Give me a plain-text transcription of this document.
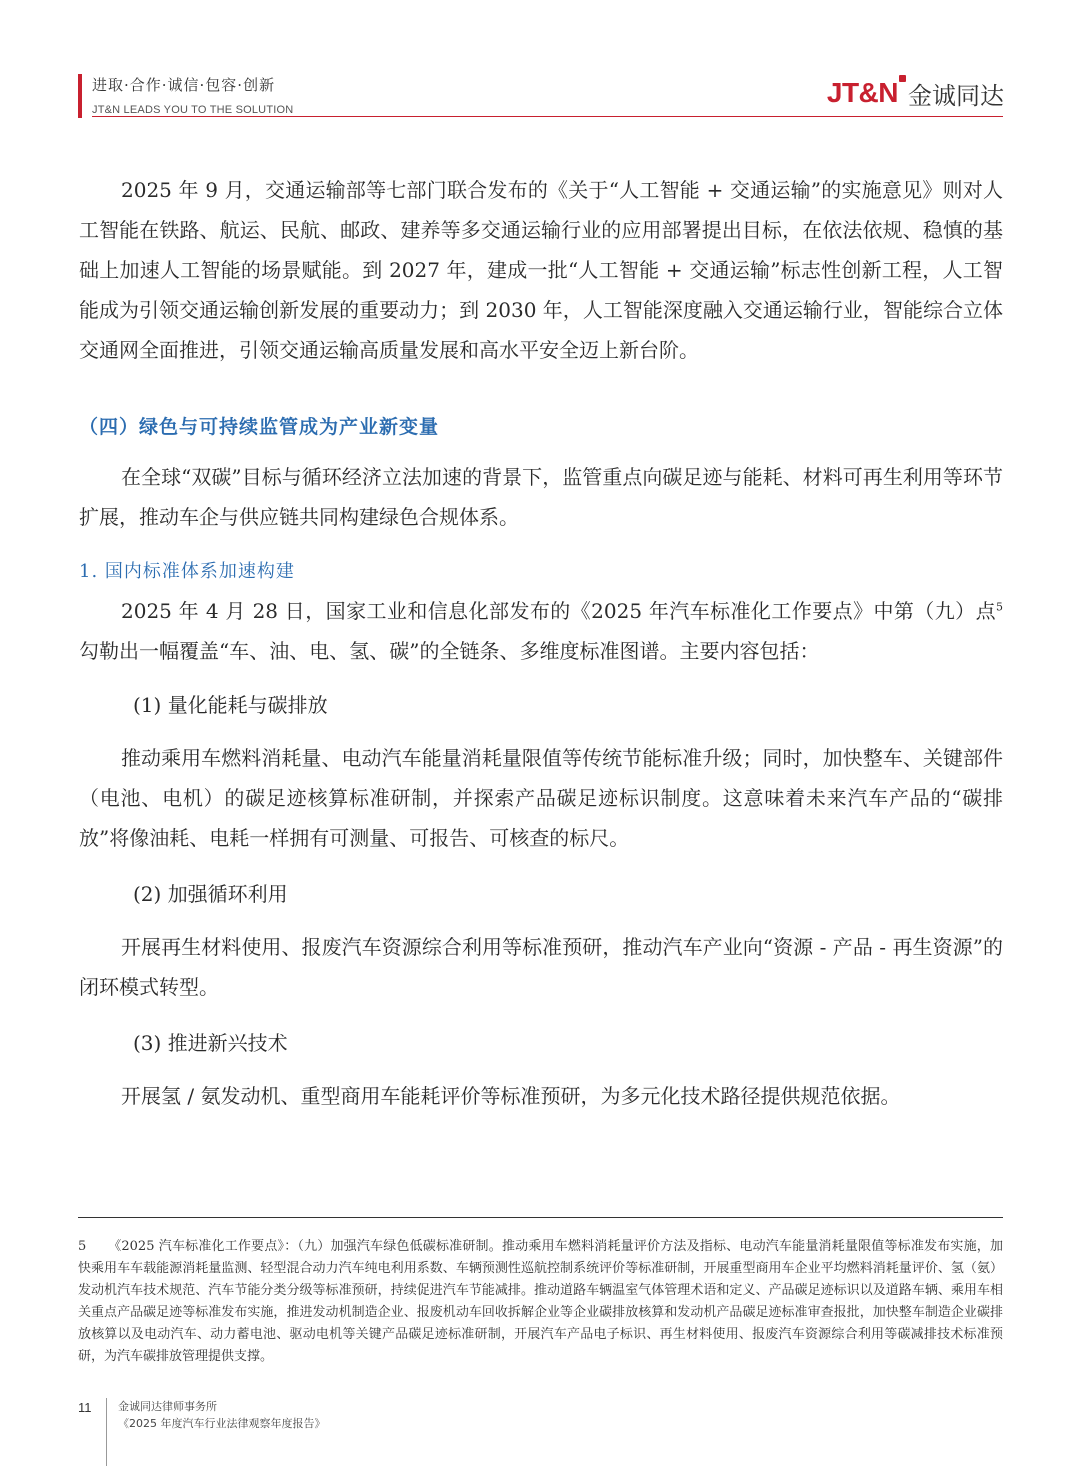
进取·合作·诚信·包容·创新
JT&N LEADS YOU TO THE SOLUTION
JT&N 金诚同达

2025 年 9 月，交通运输部等七部门联合发布的《关于“人工智能 + 交通运输”的实施意见》则对人工智能在铁路、航运、民航、邮政、建养等多交通运输行业的应用部署提出目标，在依法依规、稳慎的基础上加速人工智能的场景赋能。到 2027 年，建成一批“人工智能 + 交通运输”标志性创新工程，人工智能成为引领交通运输创新发展的重要动力；到 2030 年，人工智能深度融入交通运输行业，智能综合立体交通网全面推进，引领交通运输高质量发展和高水平安全迈上新台阶。

（四）绿色与可持续监管成为产业新变量

在全球“双碳”目标与循环经济立法加速的背景下，监管重点向碳足迹与能耗、材料可再生利用等环节扩展，推动车企与供应链共同构建绿色合规体系。

1. 国内标准体系加速构建

2025 年 4 月 28 日，国家工业和信息化部发布的《2025 年汽车标准化工作要点》中第（九）点$^5$勾勒出一幅覆盖“车、油、电、氢、碳”的全链条、多维度标准图谱。主要内容包括：

(1) 量化能耗与碳排放

推动乘用车燃料消耗量、电动汽车能量消耗量限值等传统节能标准升级；同时，加快整车、关键部件（电池、电机）的碳足迹核算标准研制，并探索产品碳足迹标识制度。这意味着未来汽车产品的“碳排放”将像油耗、电耗一样拥有可测量、可报告、可核查的标尺。

(2) 加强循环利用

开展再生材料使用、报废汽车资源综合利用等标准预研，推动汽车产业向“资源 - 产品 - 再生资源”的闭环模式转型。

(3) 推进新兴技术

开展氢 / 氨发动机、重型商用车能耗评价等标准预研，为多元化技术路径提供规范依据。

5 《2025 汽车标准化工作要点》：（九）加强汽车绿色低碳标准研制。推动乘用车燃料消耗量评价方法及指标、电动汽车能量消耗量限值等标准发布实施，加快乘用车车载能源消耗量监测、轻型混合动力汽车纯电利用系数、车辆预测性巡航控制系统评价等标准研制，开展重型商用车企业平均燃料消耗量评价、氢（氨）发动机汽车技术规范、汽车节能分类分级等标准预研，持续促进汽车节能减排。推动道路车辆温室气体管理术语和定义、产品碳足迹标识以及道路车辆、乘用车相关重点产品碳足迹等标准发布实施，推进发动机制造企业、报废机动车回收拆解企业等企业碳排放核算和发动机产品碳足迹标准审查报批，加快整车制造企业碳排放核算以及电动汽车、动力蓄电池、驱动电机等关键产品碳足迹标准研制，开展汽车产品电子标识、再生材料使用、报废汽车资源综合利用等碳减排技术标准预研，为汽车碳排放管理提供支撑。

11 金诚同达律师事务所
《2025 年度汽车行业法律观察年度报告》
